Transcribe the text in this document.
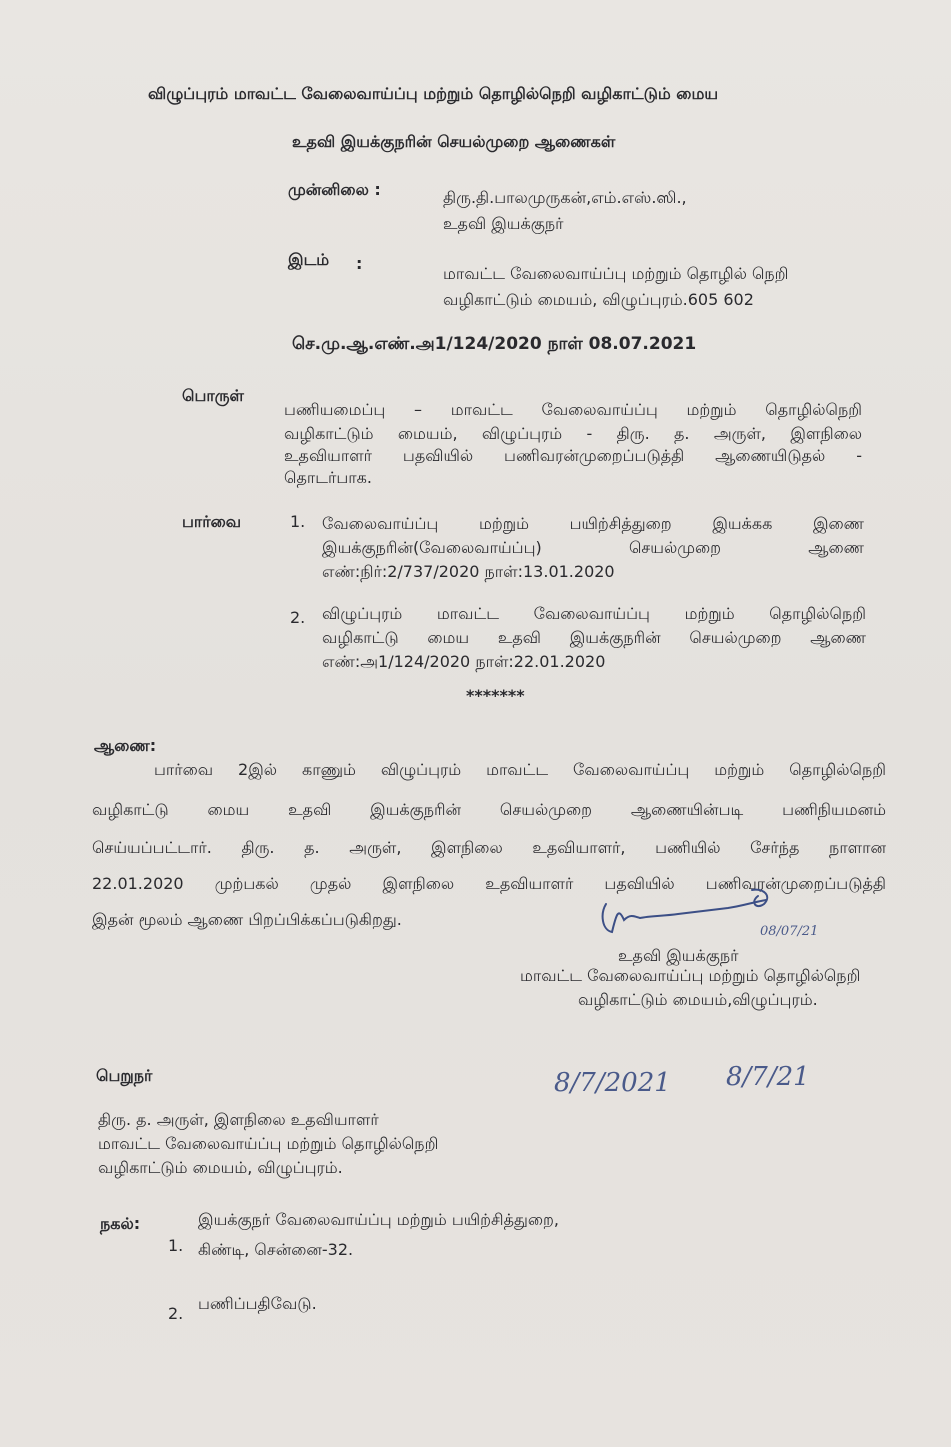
விழுப்புரம் மாவட்ட வேலைவாய்ப்பு மற்றும் தொழில்நெறி வழிகாட்டும் மைய
உதவி இயக்குநரின் செயல்முறை ஆணைகள்
முன்னிலை :	திரு.தி.பாலமுருகன்,எம்.எஸ்.ஸி.,
உதவி இயக்குநர்
இடம் :
மாவட்ட வேலைவாய்ப்பு மற்றும் தொழில் நெறி
வழிகாட்டும் மையம், விழுப்புரம்.605 602
செ.மு.ஆ.எண்.அ1/124/2020 நாள் 08.07.2021
பொருள்
பணியமைப்பு – மாவட்ட வேலைவாய்ப்பு மற்றும் தொழில்நெறி
வழிகாட்டும் மையம், விழுப்புரம் - திரு. த. அருள், இளநிலை
உதவியாளர் பதவியில் பணிவரன்முறைப்படுத்தி ஆணையிடுதல் -
தொடர்பாக.
பார்வை	1. வேலைவாய்ப்பு மற்றும் பயிற்சித்துறை இயக்கக இணை
இயக்குநரின்(வேலைவாய்ப்பு) செயல்முறை ஆணை
எண்:நிர்:2/737/2020 நாள்:13.01.2020
2. விழுப்புரம் மாவட்ட வேலைவாய்ப்பு மற்றும் தொழில்நெறி
வழிகாட்டு மைய உதவி இயக்குநரின் செயல்முறை ஆணை
எண்:அ1/124/2020 நாள்:22.01.2020
*******
ஆணை:
பார்வை 2இல் காணும் விழுப்புரம் மாவட்ட வேலைவாய்ப்பு மற்றும் தொழில்நெறி
வழிகாட்டு மைய உதவி இயக்குநரின் செயல்முறை ஆணையின்படி பணிநியமனம்
செய்யப்பட்டார். திரு. த. அருள், இளநிலை உதவியாளர், பணியில் சேர்ந்த நாளான
22.01.2020 முற்பகல் முதல் இளநிலை உதவியாளர் பதவியில் பணிவரன்முறைப்படுத்தி
இதன் மூலம் ஆணை பிறப்பிக்கப்படுகிறது.
08/07/21
உதவி இயக்குநர்
மாவட்ட வேலைவாய்ப்பு மற்றும் தொழில்நெறி
வழிகாட்டும் மையம்,விழுப்புரம்.
8/7/2021 8/7/21
பெறுநர்
திரு. த. அருள், இளநிலை உதவியாளர்
மாவட்ட வேலைவாய்ப்பு மற்றும் தொழில்நெறி
வழிகாட்டும் மையம், விழுப்புரம்.
நகல்:
1.
இயக்குநர் வேலைவாய்ப்பு மற்றும் பயிற்சித்துறை,
கிண்டி, சென்னை-32.
2.
பணிப்பதிவேடு.
